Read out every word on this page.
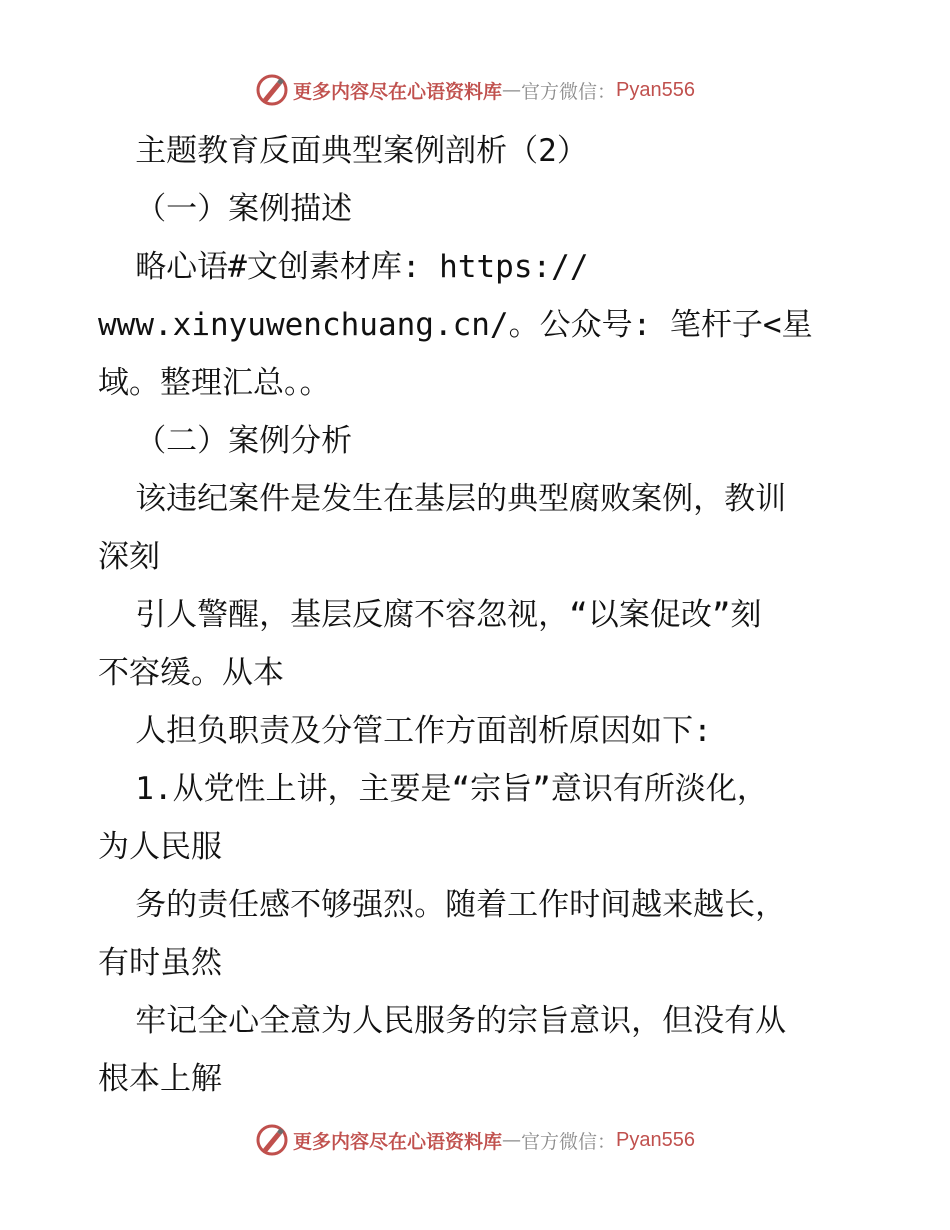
更多内容尽在心语资料库 — 官方微信： Pyan556

主题教育反面典型案例剖析（2）

（一）案例描述

略心语#文创素材库: https://

www.xinyuwenchuang.cn/。公众号: 笔杆子<星

域。整理汇总。。

（二）案例分析

该违纪案件是发生在基层的典型腐败案例，教训

深刻

引人警醒，基层反腐不容忽视，“以案促改”刻

不容缓。从本

人担负职责及分管工作方面剖析原因如下:

1.从党性上讲，主要是“宗旨”意识有所淡化，

为人民服

务的责任感不够强烈。随着工作时间越来越长，

有时虽然

牢记全心全意为人民服务的宗旨意识，但没有从

根本上解

更多内容尽在心语资料库 — 官方微信： Pyan556
